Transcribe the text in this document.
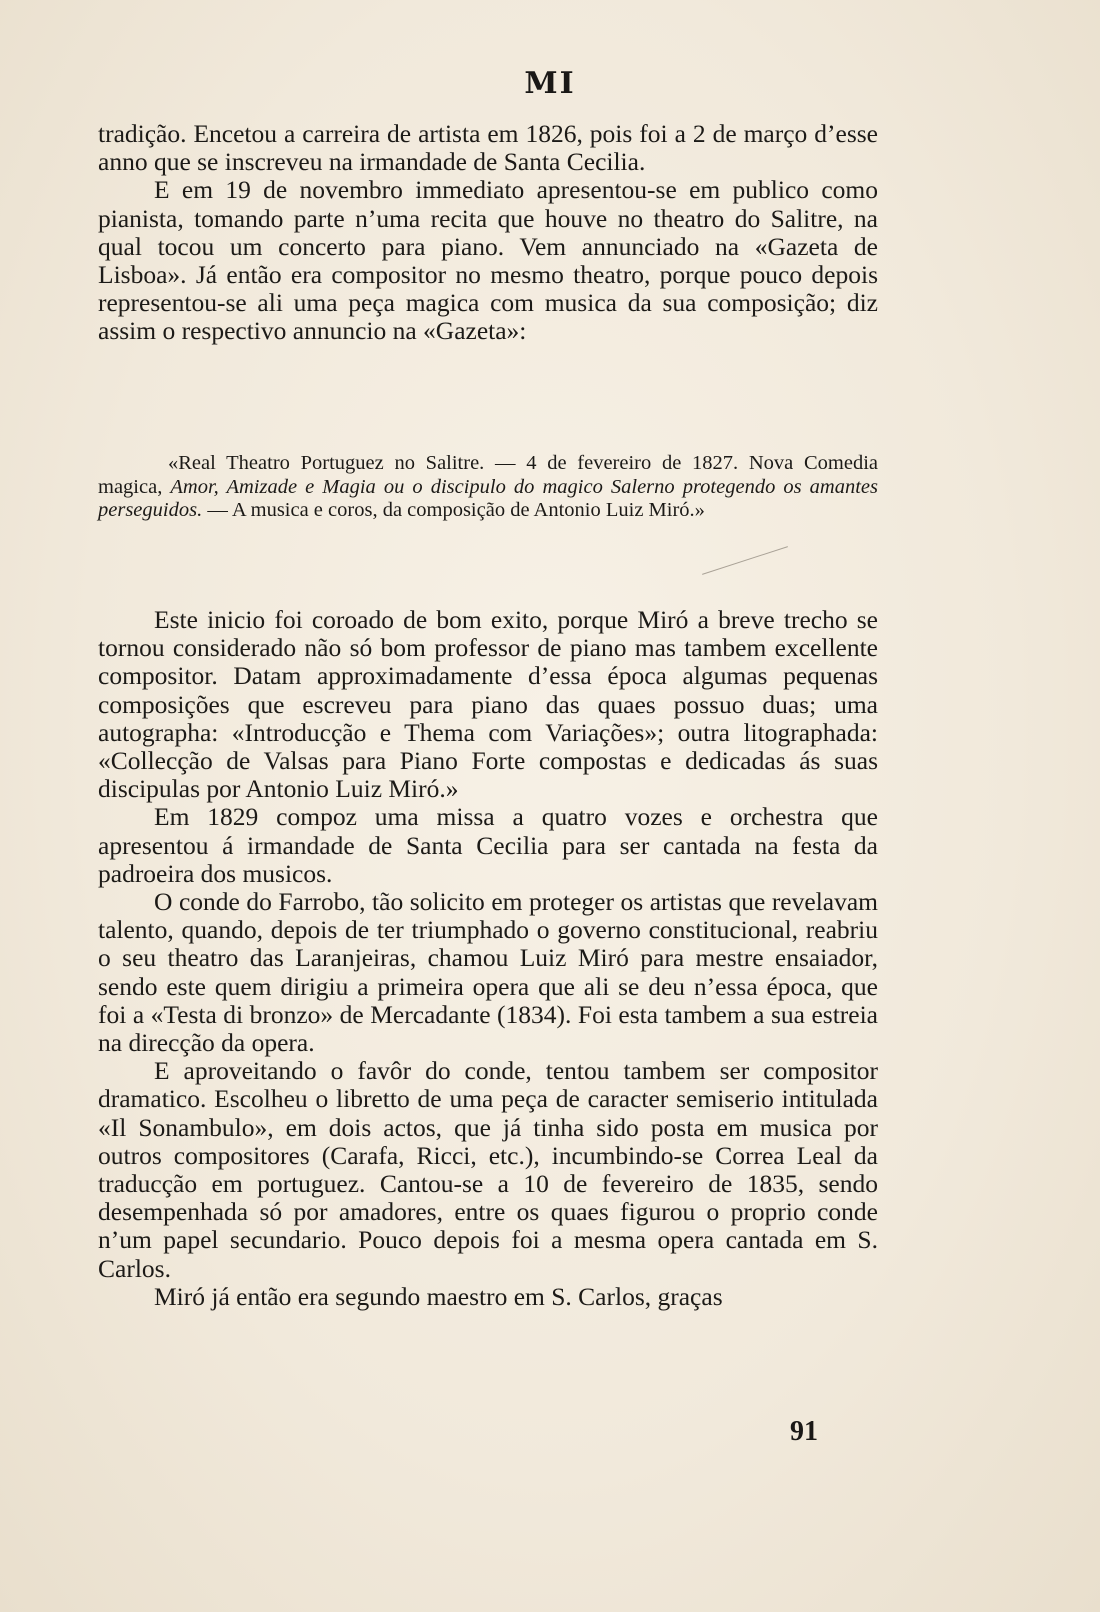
MI

tradição. Encetou a carreira de artista em 1826, pois foi a 2 de março d’esse anno que se inscreveu na irmandade de Santa Cecilia.

E em 19 de novembro immediato apresentou-se em publico como pianista, tomando parte n’uma recita que houve no theatro do Salitre, na qual tocou um concerto para piano. Vem annunciado na «Gazeta de Lisboa». Já então era compositor no mesmo theatro, porque pouco depois representou-se ali uma peça magica com musica da sua composição; diz assim o respectivo annuncio na «Gazeta»:

«Real Theatro Portuguez no Salitre. — 4 de fevereiro de 1827. Nova Comedia magica, Amor, Amizade e Magia ou o discipulo do magico Salerno protegendo os amantes perseguidos. — A musica e coros, da composição de Antonio Luiz Miró.»

Este inicio foi coroado de bom exito, porque Miró a breve trecho se tornou considerado não só bom professor de piano mas tambem excellente compositor. Datam approximadamente d’essa época algumas pequenas composições que escreveu para piano das quaes possuo duas; uma autographa: «Introducção e Thema com Variações»; outra litographada: «Collecção de Valsas para Piano Forte compostas e dedicadas ás suas discipulas por Antonio Luiz Miró.»

Em 1829 compoz uma missa a quatro vozes e orchestra que apresentou á irmandade de Santa Cecilia para ser cantada na festa da padroeira dos musicos.

O conde do Farrobo, tão solicito em proteger os artistas que revelavam talento, quando, depois de ter triumphado o governo constitucional, reabriu o seu theatro das Laranjeiras, chamou Luiz Miró para mestre ensaiador, sendo este quem dirigiu a primeira opera que ali se deu n’essa época, que foi a «Testa di bronzo» de Mercadante (1834). Foi esta tambem a sua estreia na direcção da opera.

E aproveitando o favôr do conde, tentou tambem ser compositor dramatico. Escolheu o libretto de uma peça de caracter semiserio intitulada «Il Sonambulo», em dois actos, que já tinha sido posta em musica por outros compositores (Carafa, Ricci, etc.), incumbindo-se Correa Leal da traducção em portuguez. Cantou-se a 10 de fevereiro de 1835, sendo desempenhada só por amadores, entre os quaes figurou o proprio conde n’um papel secundario. Pouco depois foi a mesma opera cantada em S. Carlos.

Miró já então era segundo maestro em S. Carlos, graças

91
